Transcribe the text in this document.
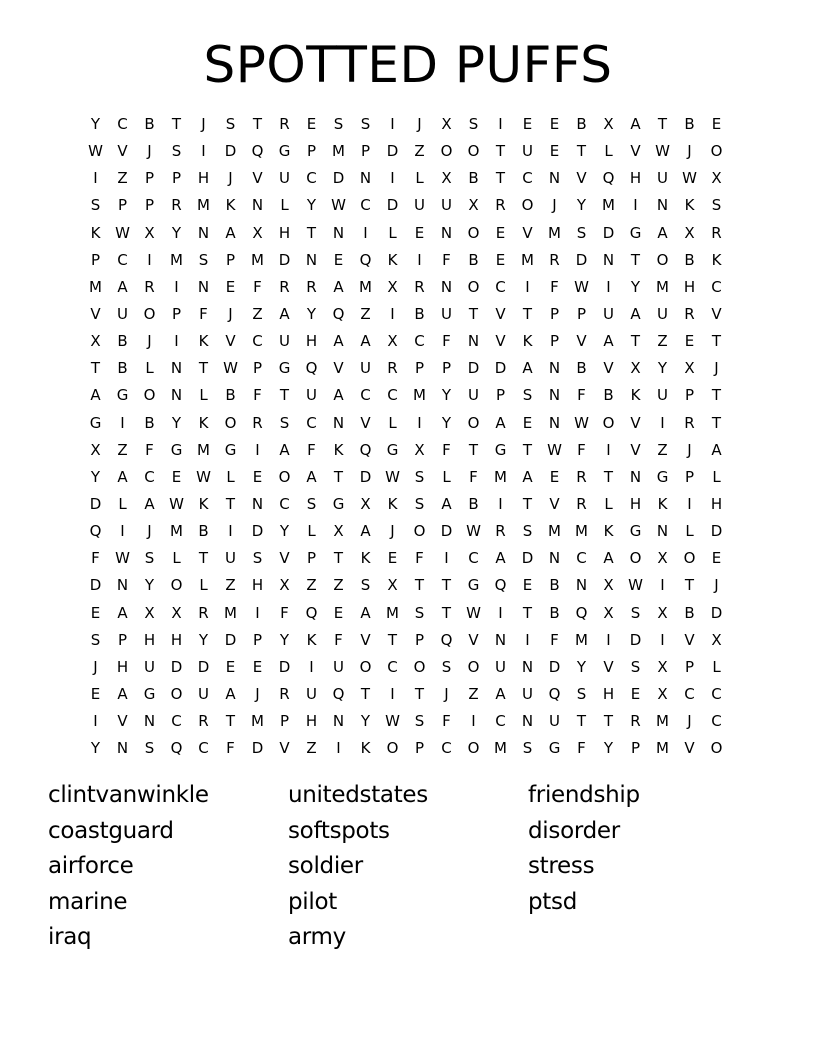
SPOTTED PUFFS
Y	C	B	T	J	S	T	R	E	S	S	I	J	X	S	I	E	E	B	X	A	T	B	E
W V	J	S	I	D	Q	G	P	M	P	D	Z	O	O	T	U	E	T	L	V W	J	O
I	Z	P	P	H	J	V	U	C	D	N	I	L	X	B	T	C	N	V	Q	H	U W X
S	P	P	R	M	K	N	L	Y	W C	D	U	U	X	R	O	J	Y	M	I	N	K	S
K W X	Y	N	A	X	H	T	N	I	L	E	N	O	E	V	M	S	D	G	A	X	R
P	C	I	M	S	P	M D	N	E	Q	K	I	F	B	E	M	R	D	N	T	O	B	K
M	A	R	I	N	E	F	R	R	A	M	X	R	N	O	C	I	F	W	I	Y	M H	C
V	U	O	P	F	J	Z	A	Y	Q	Z	I	B	U	T	V	T	P	P	U	A	U	R	V
X	B	J	I	K	V	C	U	H	A	A	X	C	F	N	V	K	P	V	A	T	Z	E	T
T	B	L	N	T	W	P	G	Q	V	U	R	P	P	D	D	A	N	B	V	X	Y	X	J
A	G	O	N	L	B	F	T	U	A	C	C	M	Y	U	P	S	N	F	B	K	U	P	T
G	I	B	Y	K	O	R	S	C	N	V	L	I	Y	O	A	E	N W O	V	I	R	T
X	Z	F	G M G	I	A	F	K	Q	G	X	F	T	G	T	W	F	I	V	Z	J	A
Y	A	C	E W	L	E	O	A	T	D W S	L	F	M	A	E	R	T	N	G	P	L
D	L	A W K	T	N	C	S	G	X	K	S	A	B	I	T	V	R	L	H	K	I	H
Q	I	J	M	B	I	D	Y	L	X	A	J	O	D W R	S	M M	K	G	N	L	D
F	W S	L	T	U	S	V	P	T	K	E	F	I	C	A	D	N	C	A	O	X	O	E
D	N	Y	O	L	Z	H	X	Z	Z	S	X	T	T	G	Q	E	B	N	X W	I	T	J
E	A	X	X	R	M	I	F	Q	E	A	M	S	T	W	I	T	B	Q	X	S	X	B	D
S	P	H	H	Y	D	P	Y	K	F	V	T	P	Q	V	N	I	F	M	I	D	I	V	X
J	H	U	D	D	E	E	D	I	U	O	C	O	S	O	U	N	D	Y	V	S	X	P	L
E	A	G	O	U	A	J	R	U	Q	T	I	T	J	Z	A	U	Q	S	H	E	X	C	C
I	V	N	C	R	T	M	P	H	N	Y	W S	F	I	C	N	U	T	T	R	M	J	C
Y	N	S	Q	C	F	D	V	Z	I	K	O	P	C	O M	S	G	F	Y	P	M	V	O
clintvanwinkle
coastguard
airforce
marine
iraq
unitedstates
softspots
soldier
pilot
army
friendship
disorder
stress
ptsd
